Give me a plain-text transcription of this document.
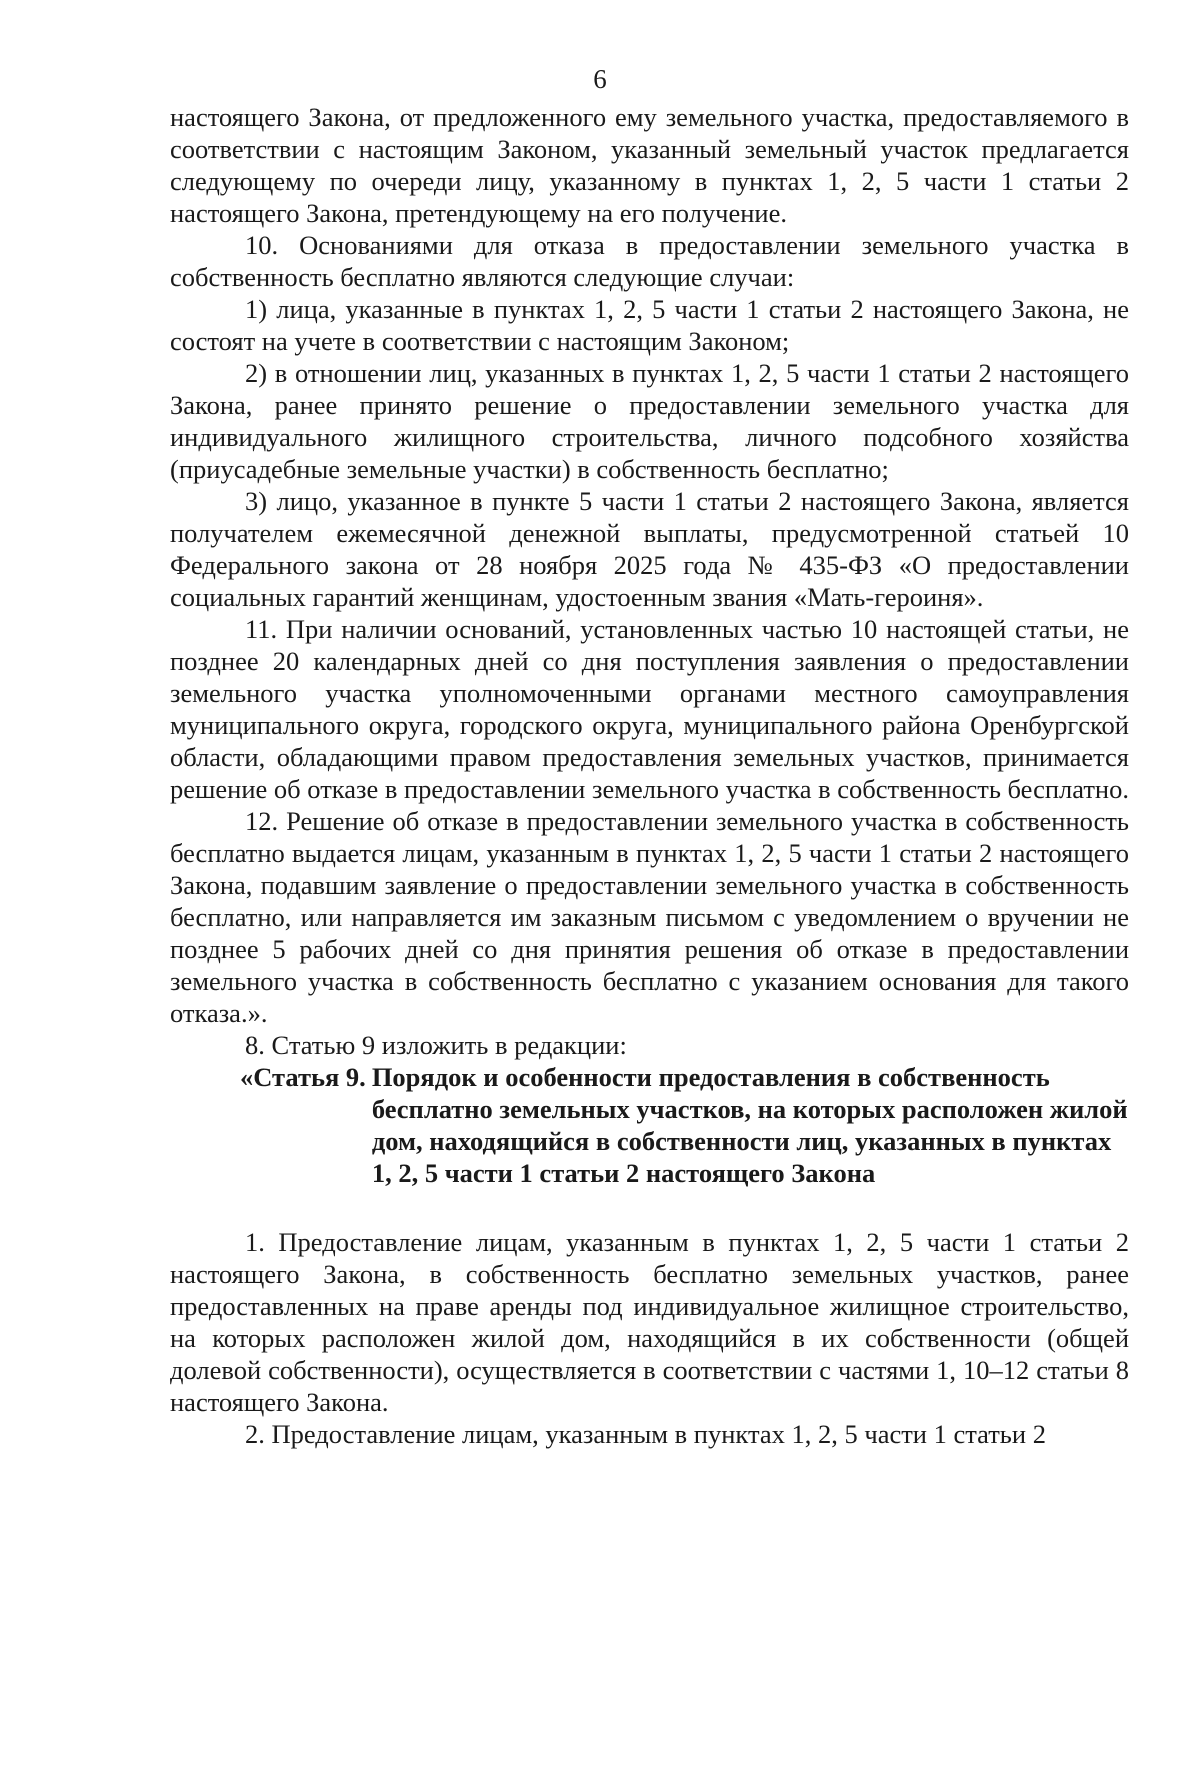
6

настоящего Закона, от предложенного ему земельного участка, предоставляемого в соответствии с настоящим Законом, указанный земельный участок предлагается следующему по очереди лицу, указанному в пунктах 1, 2, 5 части 1 статьи 2 настоящего Закона, претендующему на его получение.

10. Основаниями для отказа в предоставлении земельного участка в собственность бесплатно являются следующие случаи:

1) лица, указанные в пунктах 1, 2, 5 части 1 статьи 2 настоящего Закона, не состоят на учете в соответствии с настоящим Законом;

2) в отношении лиц, указанных в пунктах 1, 2, 5 части 1 статьи 2 настоящего Закона, ранее принято решение о предоставлении земельного участка для индивидуального жилищного строительства, личного подсобного хозяйства (приусадебные земельные участки) в собственность бесплатно;

3) лицо, указанное в пункте 5 части 1 статьи 2 настоящего Закона, является получателем ежемесячной денежной выплаты, предусмотренной статьей 10 Федерального закона от 28 ноября 2025 года № 435-ФЗ «О предоставлении социальных гарантий женщинам, удостоенным звания «Мать-героиня».

11. При наличии оснований, установленных частью 10 настоящей статьи, не позднее 20 календарных дней со дня поступления заявления о предоставлении земельного участка уполномоченными органами местного самоуправления муниципального округа, городского округа, муниципального района Оренбургской области, обладающими правом предоставления земельных участков, принимается решение об отказе в предоставлении земельного участка в собственность бесплатно.

12. Решение об отказе в предоставлении земельного участка в собственность бесплатно выдается лицам, указанным в пунктах 1, 2, 5 части 1 статьи 2 настоящего Закона, подавшим заявление о предоставлении земельного участка в собственность бесплатно, или направляется им заказным письмом с уведомлением о вручении не позднее 5 рабочих дней со дня принятия решения об отказе в предоставлении земельного участка в собственность бесплатно с указанием основания для такого отказа.».

8. Статью 9 изложить в редакции:

«Статья 9. Порядок и особенности предоставления в собственность бесплатно земельных участков, на которых расположен жилой дом, находящийся в собственности лиц, указанных в пунктах 1, 2, 5 части 1 статьи 2 настоящего Закона

1. Предоставление лицам, указанным в пунктах 1, 2, 5 части 1 статьи 2 настоящего Закона, в собственность бесплатно земельных участков, ранее предоставленных на праве аренды под индивидуальное жилищное строительство, на которых расположен жилой дом, находящийся в их собственности (общей долевой собственности), осуществляется в соответствии с частями 1, 10–12 статьи 8 настоящего Закона.

2. Предоставление лицам, указанным в пунктах 1, 2, 5 части 1 статьи 2
